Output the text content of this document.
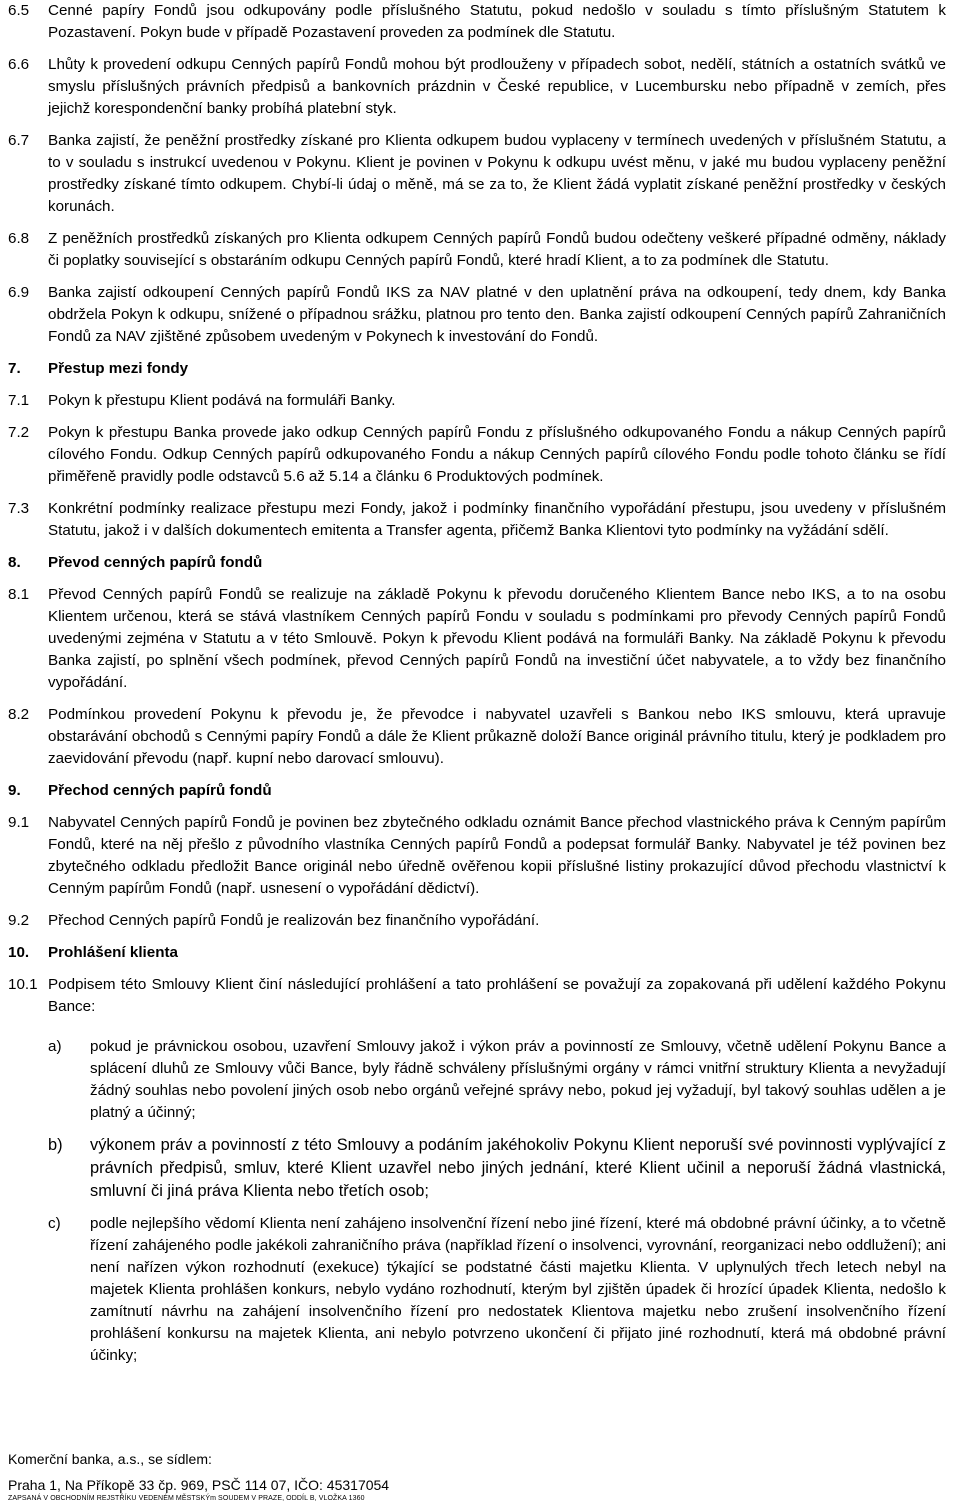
6.5 Cenné papíry Fondů jsou odkupovány podle příslušného Statutu, pokud nedošlo v souladu s tímto příslušným Statutem k Pozastavení. Pokyn bude v případě Pozastavení proveden za podmínek dle Statutu.
6.6 Lhůty k provedení odkupu Cenných papírů Fondů mohou být prodlouženy v případech sobot, nedělí, státních a ostatních svátků ve smyslu příslušných právních předpisů a bankovních prázdnin v České republice, v Lucembursku nebo případně v zemích, přes jejichž korespondenční banky probíhá platební styk.
6.7 Banka zajistí, že peněžní prostředky získané pro Klienta odkupem budou vyplaceny v termínech uvedených v příslušném Statutu, a to v souladu s instrukcí uvedenou v Pokynu. Klient je povinen v Pokynu k odkupu uvést měnu, v jaké mu budou vyplaceny peněžní prostředky získané tímto odkupem. Chybí-li údaj o měně, má se za to, že Klient žádá vyplatit získané peněžní prostředky v českých korunách.
6.8 Z peněžních prostředků získaných pro Klienta odkupem Cenných papírů Fondů budou odečteny veškeré případné odměny, náklady či poplatky související s obstaráním odkupu Cenných papírů Fondů, které hradí Klient, a to za podmínek dle Statutu.
6.9 Banka zajistí odkoupení Cenných papírů Fondů IKS za NAV platné v den uplatnění práva na odkoupení, tedy dnem, kdy Banka obdržela Pokyn k odkupu, snížené o případnou srážku, platnou pro tento den. Banka zajistí odkoupení Cenných papírů Zahraničních Fondů za NAV zjištěné způsobem uvedeným v Pokynech k investování do Fondů.
7. Přestup mezi fondy
7.1 Pokyn k přestupu Klient podává na formuláři Banky.
7.2 Pokyn k přestupu Banka provede jako odkup Cenných papírů Fondu z příslušného odkupovaného Fondu a nákup Cenných papírů cílového Fondu. Odkup Cenných papírů odkupovaného Fondu a nákup Cenných papírů cílového Fondu podle tohoto článku se řídí přiměřeně pravidly podle odstavců 5.6 až 5.14 a článku 6 Produktových podmínek.
7.3 Konkrétní podmínky realizace přestupu mezi Fondy, jakož i podmínky finančního vypořádání přestupu, jsou uvedeny v příslušném Statutu, jakož i v dalších dokumentech emitenta a Transfer agenta, přičemž Banka Klientovi tyto podmínky na vyžádání sdělí.
8. Převod cenných papírů fondů
8.1 Převod Cenných papírů Fondů se realizuje na základě Pokynu k převodu doručeného Klientem Bance nebo IKS, a to na osobu Klientem určenou, která se stává vlastníkem Cenných papírů Fondu v souladu s podmínkami pro převody Cenných papírů Fondů uvedenými zejména v Statutu a v této Smlouvě. Pokyn k převodu Klient podává na formuláři Banky. Na základě Pokynu k převodu Banka zajistí, po splnění všech podmínek, převod Cenných papírů Fondů na investiční účet nabyvatele, a to vždy bez finančního vypořádání.
8.2 Podmínkou provedení Pokynu k převodu je, že převodce i nabyvatel uzavřeli s Bankou nebo IKS smlouvu, která upravuje obstarávání obchodů s Cennými papíry Fondů a dále že Klient průkazně doloží Bance originál právního titulu, který je podkladem pro zaevidování převodu (např. kupní nebo darovací smlouvu).
9. Přechod cenných papírů fondů
9.1 Nabyvatel Cenných papírů Fondů je povinen bez zbytečného odkladu oznámit Bance přechod vlastnického práva k Cenným papírům Fondů, které na něj přešlo z původního vlastníka Cenných papírů Fondů a podepsat formulář Banky. Nabyvatel je též povinen bez zbytečného odkladu předložit Bance originál nebo úředně ověřenou kopii příslušné listiny prokazující důvod přechodu vlastnictví k Cenným papírům Fondů (např. usnesení o vypořádání dědictví).
9.2 Přechod Cenných papírů Fondů je realizován bez finančního vypořádání.
10. Prohlášení klienta
10.1 Podpisem této Smlouvy Klient činí následující prohlášení a tato prohlášení se považují za zopakovaná při udělení každého Pokynu Bance:
a) pokud je právnickou osobou, uzavření Smlouvy jakož i výkon práv a povinností ze Smlouvy, včetně udělení Pokynu Bance a splácení dluhů ze Smlouvy vůči Bance, byly řádně schváleny příslušnými orgány v rámci vnitřní struktury Klienta a nevyžadují žádný souhlas nebo povolení jiných osob nebo orgánů veřejné správy nebo, pokud jej vyžadují, byl takový souhlas udělen a je platný a účinný;
b) výkonem práv a povinností z této Smlouvy a podáním jakéhokoliv Pokynu Klient neporuší své povinnosti vyplývající z právních předpisů, smluv, které Klient uzavřel nebo jiných jednání, které Klient učinil a neporuší žádná vlastnická, smluvní či jiná práva Klienta nebo třetích osob;
c) podle nejlepšího vědomí Klienta není zahájeno insolvenční řízení nebo jiné řízení, které má obdobné právní účinky, a to včetně řízení zahájeného podle jakékoli zahraničního práva (například řízení o insolvenci, vyrovnání, reorganizaci nebo oddlužení); ani není nařízen výkon rozhodnutí (exekuce) týkající se podstatné části majetku Klienta. V uplynulých třech letech nebyl na majetek Klienta prohlášen konkurs, nebylo vydáno rozhodnutí, kterým byl zjištěn úpadek či hrozící úpadek Klienta, nedošlo k zamítnutí návrhu na zahájení insolvenčního řízení pro nedostatek Klientova majetku nebo zrušení insolvenčního řízení prohlášení konkursu na majetek Klienta, ani nebylo potvrzeno ukončení či přijato jiné rozhodnutí, která má obdobné právní účinky;
Komerční banka, a.s., se sídlem:
Praha 1, Na Příkopě 33 čp. 969, PSČ 114 07, IČO: 45317054
ZAPSANÁ V OBCHODNÍM REJSTŘÍKU VEDENÉM MĚSTSKÝm SOUDEM V PRAZE, ODDÍL B, VLOŽKA 1360
